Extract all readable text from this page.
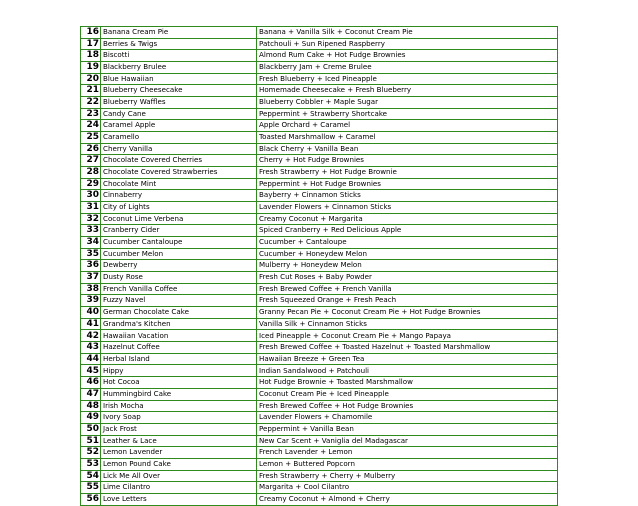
16	Banana Cream Pie	Banana + Vanilla Silk + Coconut Cream Pie
17	Berries & Twigs	Patchouli + Sun Ripened Raspberry
18	Biscotti	Almond Rum Cake + Hot Fudge Brownies
19	Blackberry Brulee	Blackberry Jam + Creme Brulee
20	Blue Hawaiian	Fresh Blueberry + Iced Pineapple
21	Blueberry Cheesecake	Homemade Cheesecake + Fresh Blueberry
22	Blueberry Waffles	Blueberry Cobbler + Maple Sugar
23	Candy Cane	Peppermint + Strawberry Shortcake
24	Caramel Apple	Apple Orchard + Caramel
25	Caramello	Toasted Marshmallow + Caramel
26	Cherry Vanilla	Black Cherry + Vanilla Bean
27	Chocolate Covered Cherries	Cherry + Hot Fudge Brownies
28	Chocolate Covered Strawberries	Fresh Strawberry + Hot Fudge Brownie
29	Chocolate Mint	Peppermint + Hot Fudge Brownies
30	Cinnaberry	Bayberry + Cinnamon Sticks
31	City of Lights	Lavender Flowers + Cinnamon Sticks
32	Coconut Lime Verbena	Creamy Coconut + Margarita
33	Cranberry Cider	Spiced Cranberry + Red Delicious Apple
34	Cucumber Cantaloupe	Cucumber + Cantaloupe
35	Cucumber Melon	Cucumber + Honeydew Melon
36	Dewberry	Mulberry + Honeydew Melon
37	Dusty Rose	Fresh Cut Roses + Baby Powder
38	French Vanilla Coffee	Fresh Brewed Coffee + French Vanilla
39	Fuzzy Navel	Fresh Squeezed Orange + Fresh Peach
40	German Chocolate Cake	Granny Pecan Pie + Coconut Cream Pie + Hot Fudge Brownies
41	Grandma's Kitchen	Vanilla Silk + Cinnamon Sticks
42	Hawaiian Vacation	Iced Pineapple + Coconut Cream Pie + Mango Papaya
43	Hazelnut Coffee	Fresh Brewed Coffee + Toasted Hazelnut + Toasted Marshmallow
44	Herbal Island	Hawaiian Breeze + Green Tea
45	Hippy	Indian Sandalwood + Patchouli
46	Hot Cocoa	Hot Fudge Brownie + Toasted Marshmallow
47	Hummingbird Cake	Coconut Cream Pie + Iced Pineapple
48	Irish Mocha	Fresh Brewed Coffee + Hot Fudge Brownies
49	Ivory Soap	Lavender Flowers + Chamomile
50	Jack Frost	Peppermint + Vanilla Bean
51	Leather & Lace	New Car Scent + Vaniglia del Madagascar
52	Lemon Lavender	French Lavender + Lemon
53	Lemon Pound Cake	Lemon + Buttered Popcorn
54	Lick Me All Over	Fresh Strawberry + Cherry + Mulberry
55	Lime Cilantro	Margarita + Cool Cilantro
56	Love Letters	Creamy Coconut + Almond + Cherry
